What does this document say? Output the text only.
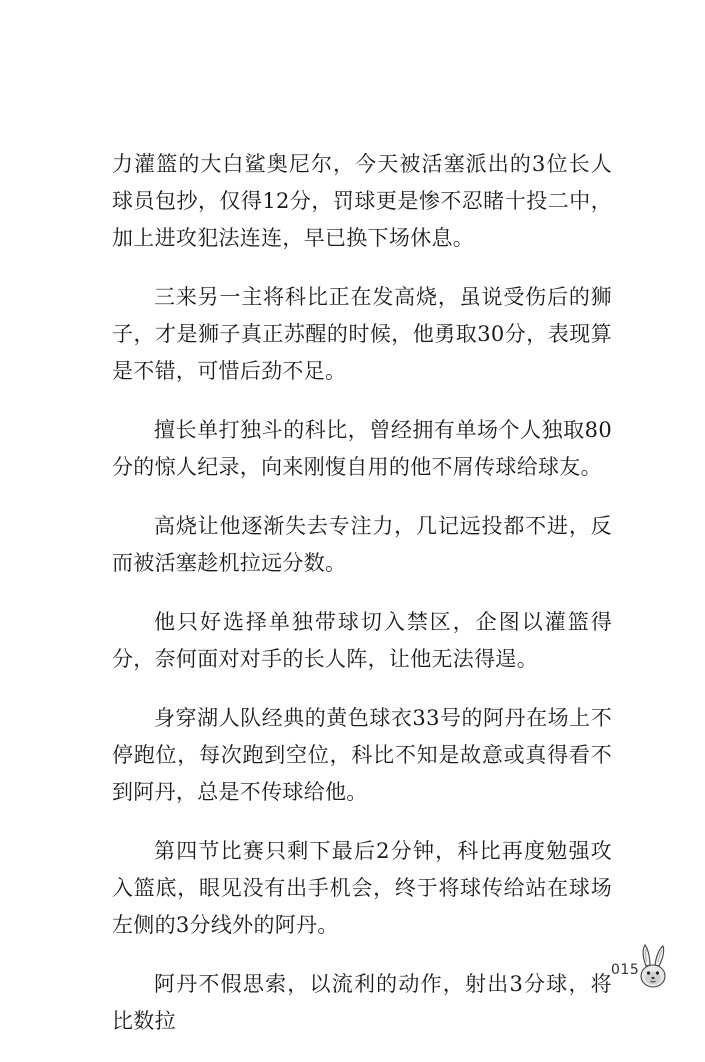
力灌篮的大白鲨奥尼尔，今天被活塞派出的3位长人球员包抄，仅得12分，罚球更是惨不忍睹十投二中，加上进攻犯法连连，早已换下场休息。

三来另一主将科比正在发高烧，虽说受伤后的狮子，才是狮子真正苏醒的时候，他勇取30分，表现算是不错，可惜后劲不足。

擅长单打独斗的科比，曾经拥有单场个人独取80分的惊人纪录，向来刚愎自用的他不屑传球给球友。

高烧让他逐渐失去专注力，几记远投都不进，反而被活塞趁机拉远分数。

他只好选择单独带球切入禁区，企图以灌篮得分，奈何面对对手的长人阵，让他无法得逞。

身穿湖人队经典的黄色球衣33号的阿丹在场上不停跑位，每次跑到空位，科比不知是故意或真得看不到阿丹，总是不传球给他。

第四节比赛只剩下最后2分钟，科比再度勉强攻入篮底，眼见没有出手机会，终于将球传给站在球场左侧的3分线外的阿丹。

阿丹不假思索，以流利的动作，射出3分球，将比数拉

015
